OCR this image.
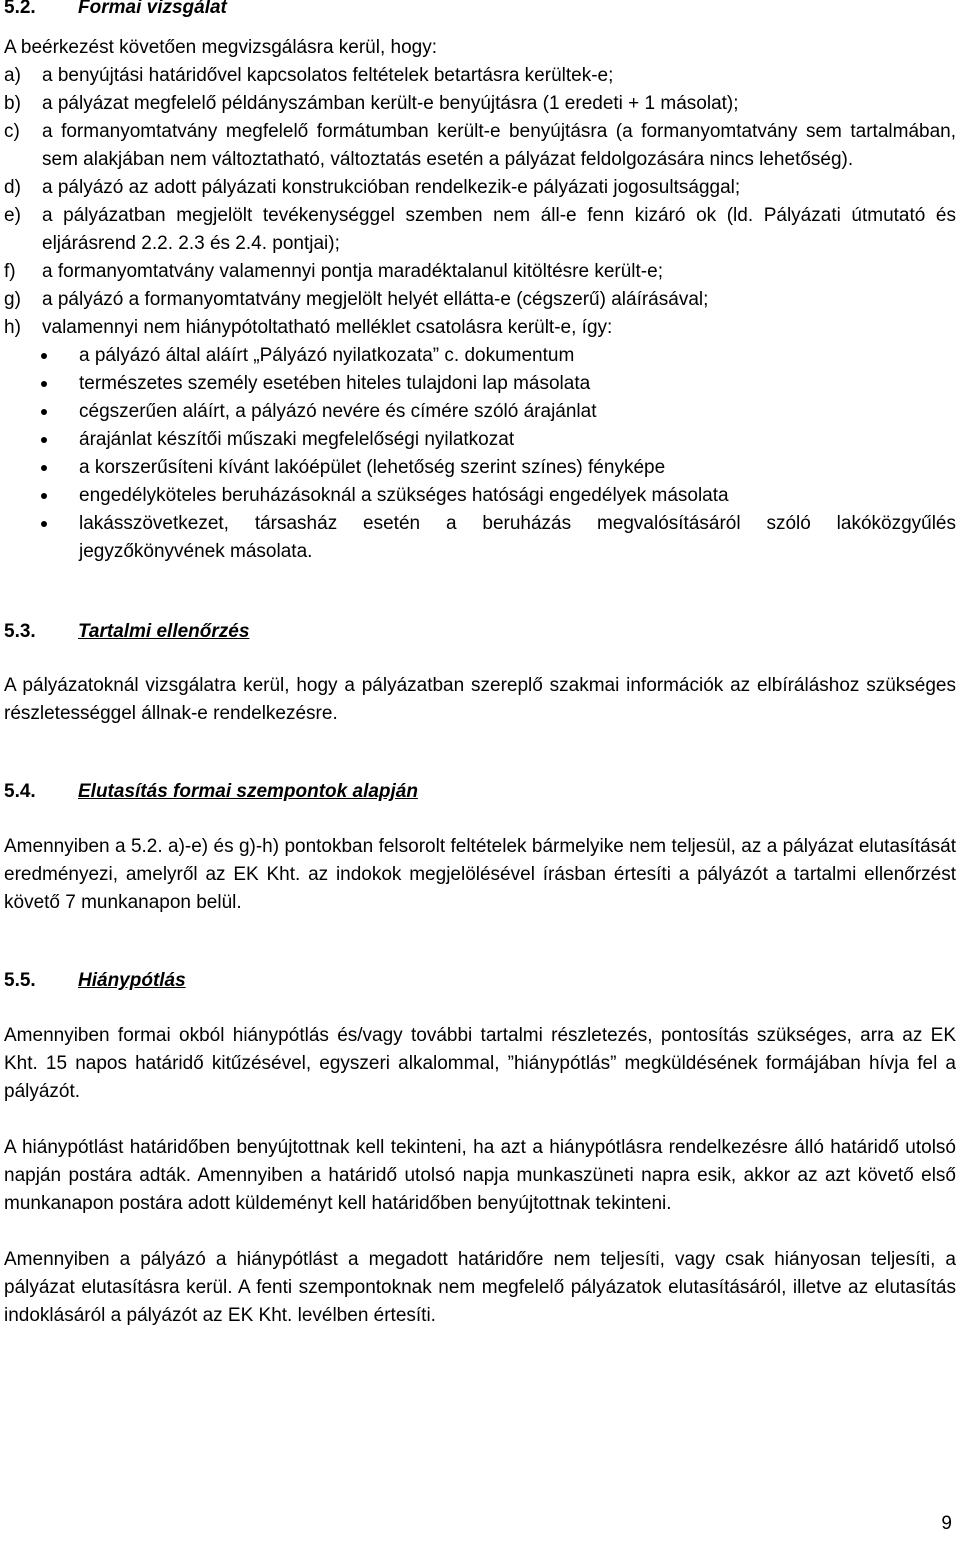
5.2. Formai vizsgálat

A beérkezést követően megvizsgálásra kerül, hogy:

a)	a benyújtási határidővel kapcsolatos feltételek betartásra kerültek-e;
b)	a pályázat megfelelő példányszámban került-e benyújtásra (1 eredeti + 1 másolat);
c)	a formanyomtatvány megfelelő formátumban került-e benyújtásra (a formanyomtatvány sem tartalmában, sem alakjában nem változtatható, változtatás esetén a pályázat feldolgozására nincs lehetőség).
d)	a pályázó az adott pályázati konstrukcióban rendelkezik-e pályázati jogosultsággal;
e)	a pályázatban megjelölt tevékenységgel szemben nem áll-e fenn kizáró ok (ld. Pályázati útmutató és eljárásrend 2.2. 2.3 és 2.4. pontjai);
f)	a formanyomtatvány valamennyi pontja maradéktalanul kitöltésre került-e;
g)	a pályázó a formanyomtatvány megjelölt helyét ellátta-e (cégszerű) aláírásával;
h)	valamennyi nem hiánypótoltatható melléklet csatolásra került-e, így:
a pályázó által aláírt „Pályázó nyilatkozata” c. dokumentum
természetes személy esetében hiteles tulajdoni lap másolata
cégszerűen aláírt, a pályázó nevére és címére szóló árajánlat
árajánlat készítői műszaki megfelelőségi nyilatkozat
a korszerűsíteni kívánt lakóépület (lehetőség szerint színes) fényképe
engedélyköteles beruházásoknál a szükséges hatósági engedélyek másolata
lakásszövetkezet, társasház esetén a beruházás megvalósításáról szóló lakóközgyűlés jegyzőkönyvének másolata.
5.3. Tartalmi ellenőrzés

A pályázatoknál vizsgálatra kerül, hogy a pályázatban szereplő szakmai információk az elbíráláshoz szükséges részletességgel állnak-e rendelkezésre.

5.4. Elutasítás formai szempontok alapján

Amennyiben a 5.2. a)-e) és g)-h) pontokban felsorolt feltételek bármelyike nem teljesül, az a pályázat elutasítását eredményezi, amelyről az EK Kht. az indokok megjelölésével írásban értesíti a pályázót a tartalmi ellenőrzést követő 7 munkanapon belül.

5.5. Hiánypótlás

Amennyiben formai okból hiánypótlás és/vagy további tartalmi részletezés, pontosítás szükséges, arra az EK Kht. 15 napos határidő kitűzésével, egyszeri alkalommal, ”hiánypótlás” megküldésének formájában hívja fel a pályázót.

A hiánypótlást határidőben benyújtottnak kell tekinteni, ha azt a hiánypótlásra rendelkezésre álló határidő utolsó napján postára adták. Amennyiben a határidő utolsó napja munkaszüneti napra esik, akkor az azt követő első munkanapon postára adott küldeményt kell határidőben benyújtottnak tekinteni.

Amennyiben a pályázó a hiánypótlást a megadott határidőre nem teljesíti, vagy csak hiányosan teljesíti, a pályázat elutasításra kerül. A fenti szempontoknak nem megfelelő pályázatok elutasításáról, illetve az elutasítás indoklásáról a pályázót az EK Kht. levélben értesíti.

9
